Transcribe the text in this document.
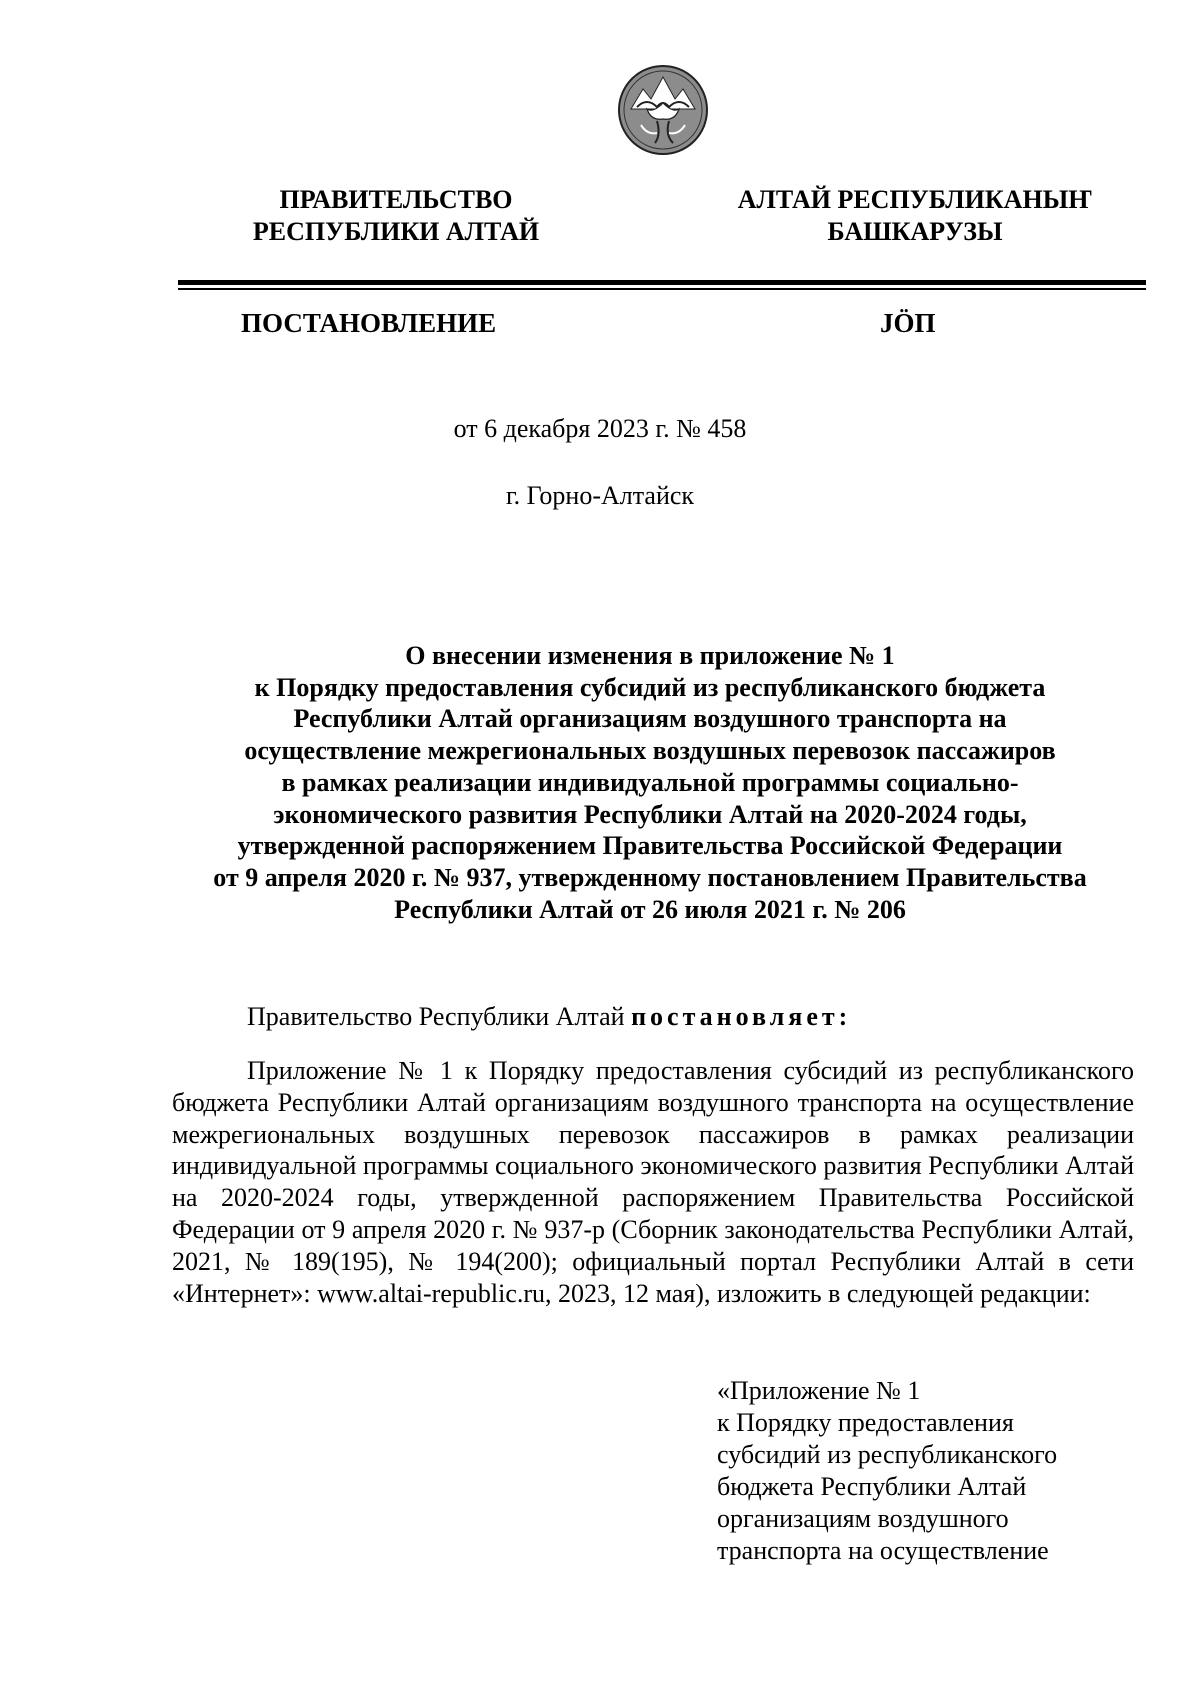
ПРАВИТЕЛЬСТВО
РЕСПУБЛИКИ АЛТАЙ
АЛТАЙ РЕСПУБЛИКАНЫҤ
БАШКАРУЗЫ
ПОСТАНОВЛЕНИЕ	JӦП
от 6 декабря 2023 г. № 458
г. Горно-Алтайск
О внесении изменения в приложение № 1
к Порядку предоставления субсидий из республиканского бюджета
Республики Алтай организациям воздушного транспорта на
осуществление межрегиональных воздушных перевозок пассажиров
в рамках реализации индивидуальной программы социально-
экономического развития Республики Алтай на 2020-2024 годы,
утвержденной распоряжением Правительства Российской Федерации
от 9 апреля 2020 г. № 937, утвержденному постановлением Правительства
Республики Алтай от 26 июля 2021 г. № 206
Правительство Республики Алтай постановляет:
Приложение № 1 к Порядку предоставления субсидий из республиканского бюджета Республики Алтай организациям воздушного транспорта на осуществление межрегиональных воздушных перевозок пассажиров в рамках реализации индивидуальной программы социального экономического развития Республики Алтай на 2020-2024 годы, утвержденной распоряжением Правительства Российской Федерации от 9 апреля 2020 г. № 937-р (Сборник законодательства Республики Алтай, 2021, № 189(195), № 194(200); официальный портал Республики Алтай в сети «Интернет»: www.altai-republic.ru, 2023, 12 мая), изложить в следующей редакции:
«Приложение № 1
к Порядку предоставления
субсидий из республиканского
бюджета Республики Алтай
организациям воздушного
транспорта на осуществление
